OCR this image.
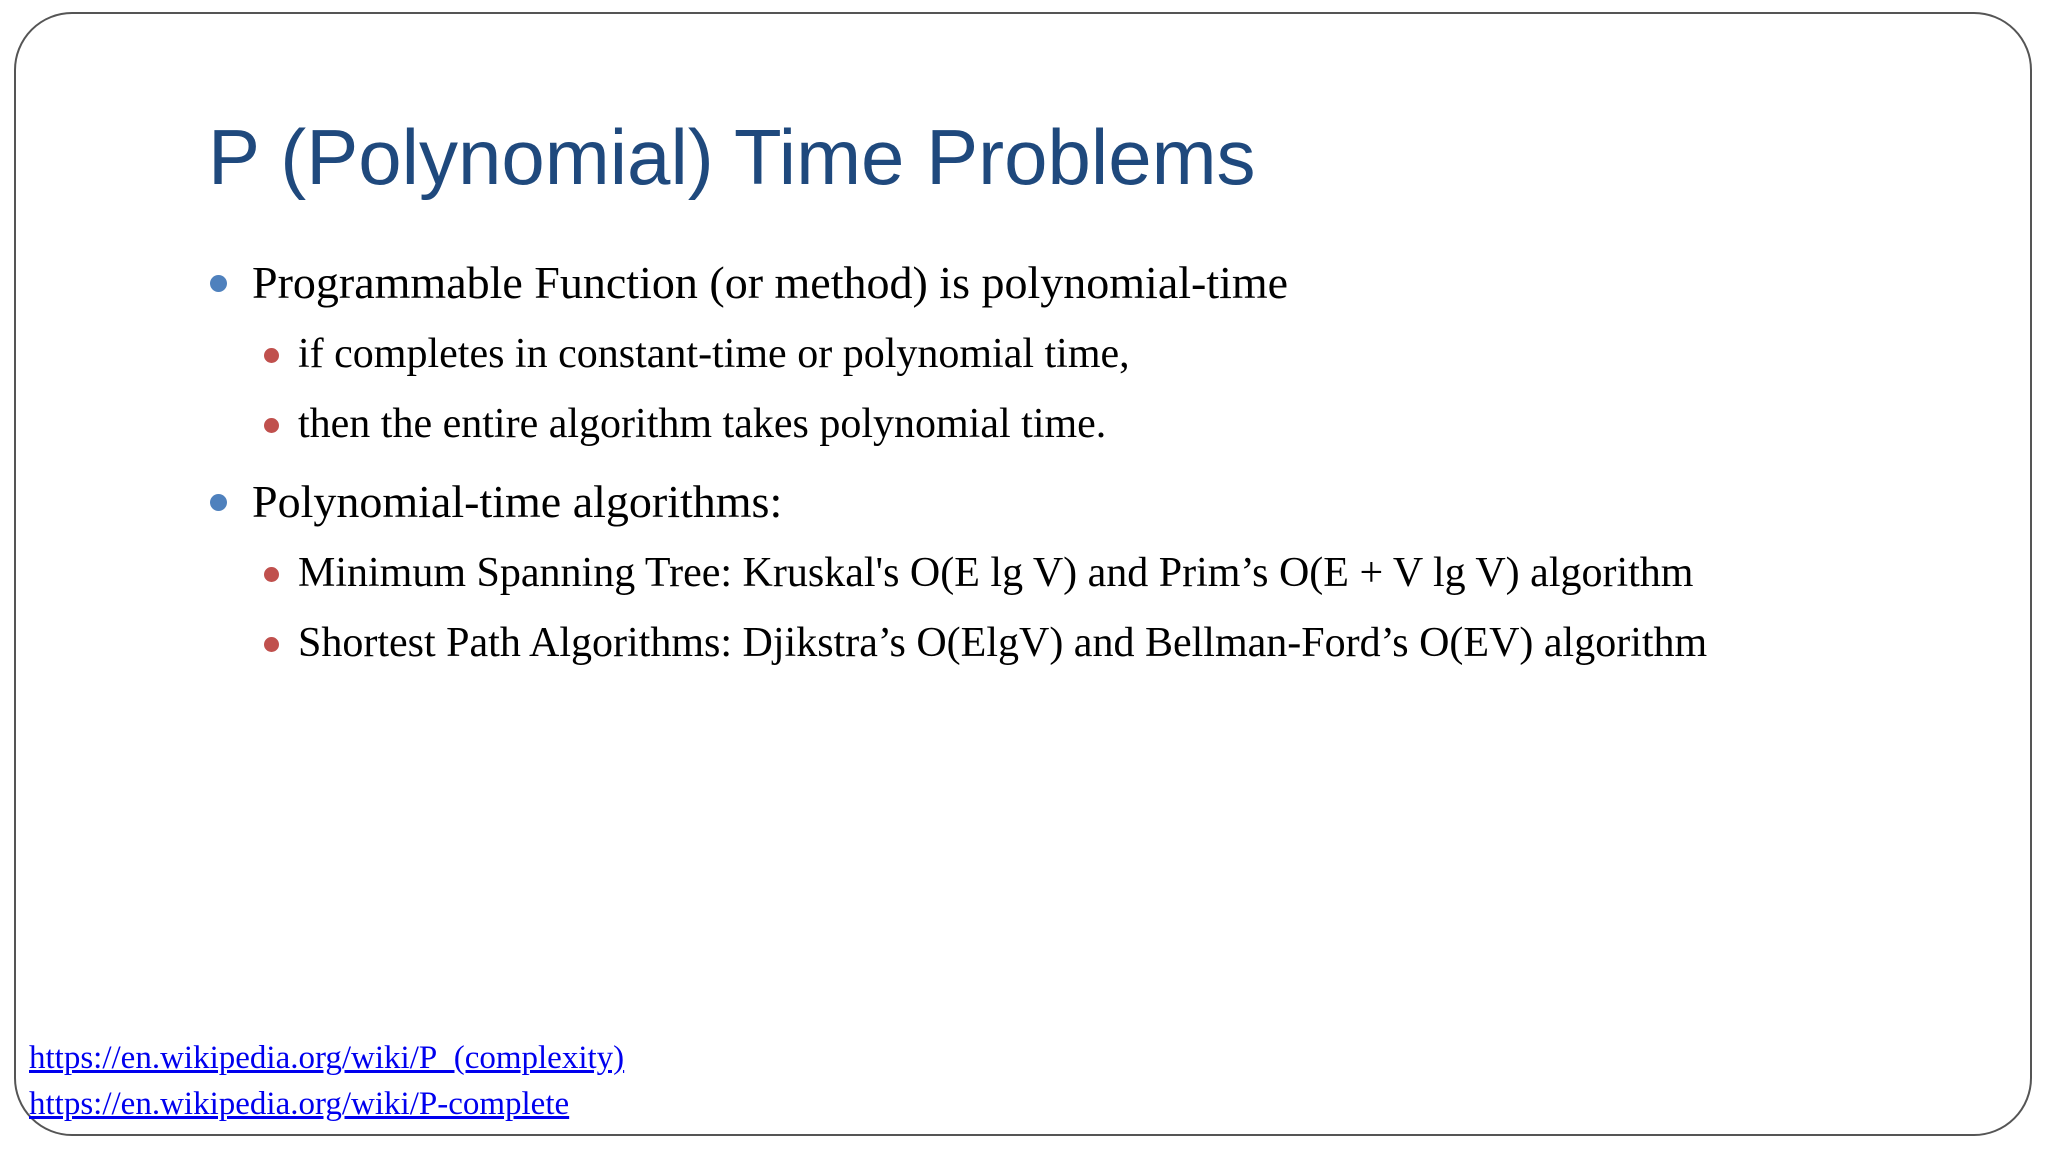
P (Polynomial) Time Problems
Programmable Function (or method) is polynomial-time
if completes in constant-time or polynomial time,
then the entire algorithm takes polynomial time.
Polynomial-time algorithms:
Minimum Spanning Tree: Kruskal's O(E lg V) and Prim’s O(E + V lg V) algorithm
Shortest Path Algorithms: Djikstra’s O(ElgV) and Bellman-Ford’s O(EV) algorithm
https://en.wikipedia.org/wiki/P_(complexity)
https://en.wikipedia.org/wiki/P-complete
